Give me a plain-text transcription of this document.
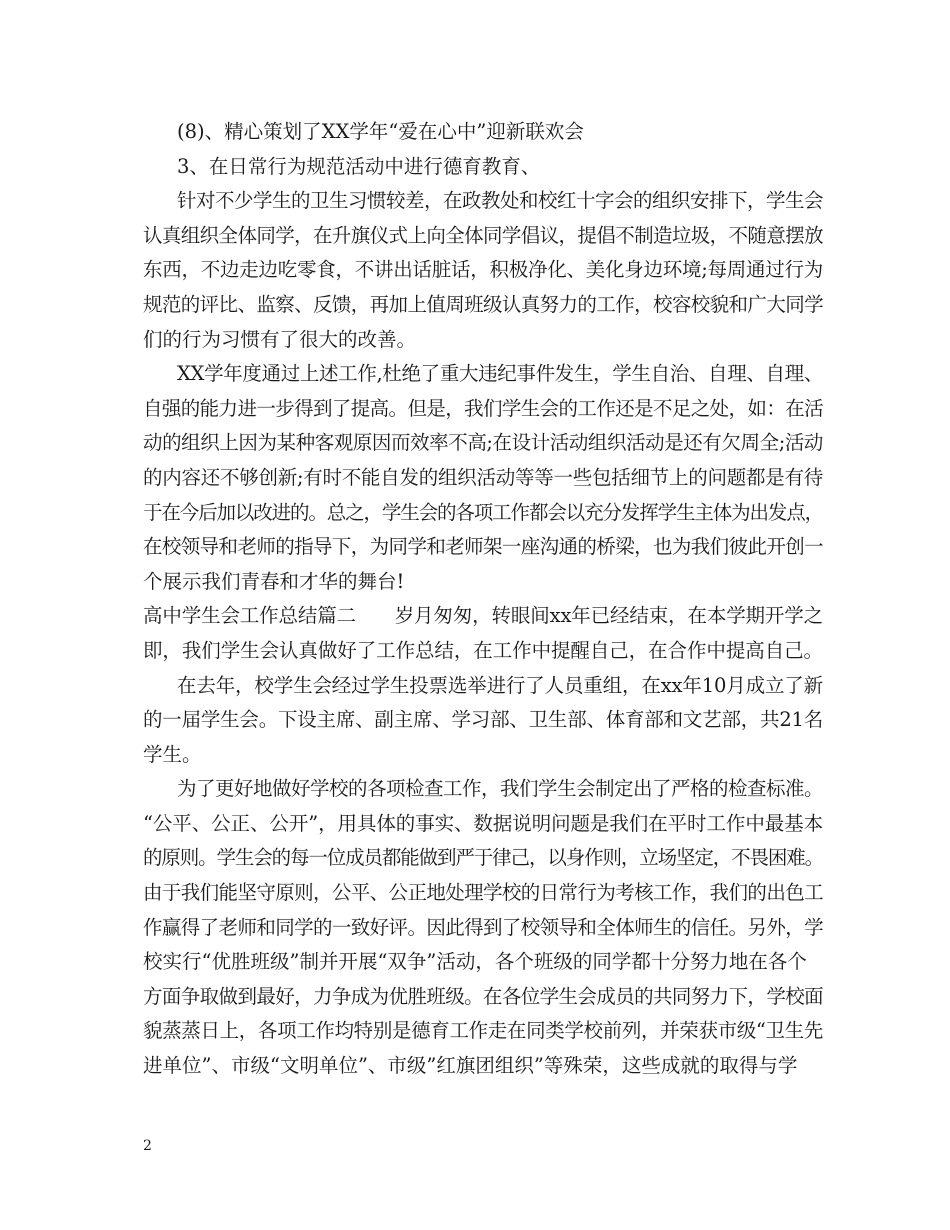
(8)、精心策划了XX学年“爱在心中”迎新联欢会
3、在日常行为规范活动中进行德育教育、
针对不少学生的卫生习惯较差，在政教处和校红十字会的组织安排下，学生会
认真组织全体同学，在升旗仪式上向全体同学倡议，提倡不制造垃圾，不随意摆放
东西，不边走边吃零食，不讲出话脏话，积极净化、美化身边环境;每周通过行为
规范的评比、监察、反馈，再加上值周班级认真努力的工作，校容校貌和广大同学
们的行为习惯有了很大的改善。
XX学年度通过上述工作,杜绝了重大违纪事件发生，学生自治、自理、自理、
自强的能力进一步得到了提高。但是，我们学生会的工作还是不足之处，如：在活
动的组织上因为某种客观原因而效率不高;在设计活动组织活动是还有欠周全;活动
的内容还不够创新;有时不能自发的组织活动等等一些包括细节上的问题都是有待
于在今后加以改进的。总之，学生会的各项工作都会以充分发挥学生主体为出发点，
在校领导和老师的指导下，为同学和老师架一座沟通的桥梁，也为我们彼此开创一
个展示我们青春和才华的舞台!
高中学生会工作总结篇二　　岁月匆匆，转眼间xx年已经结束，在本学期开学之
即，我们学生会认真做好了工作总结，在工作中提醒自己，在合作中提高自己。
在去年，校学生会经过学生投票选举进行了人员重组，在xx年10月成立了新
的一届学生会。下设主席、副主席、学习部、卫生部、体育部和文艺部，共21名
学生。
为了更好地做好学校的各项检查工作，我们学生会制定出了严格的检查标准。
“公平、公正、公开”，用具体的事实、数据说明问题是我们在平时工作中最基本
的原则。学生会的每一位成员都能做到严于律己，以身作则，立场坚定，不畏困难。
由于我们能坚守原则，公平、公正地处理学校的日常行为考核工作，我们的出色工
作赢得了老师和同学的一致好评。因此得到了校领导和全体师生的信任。另外，学
校实行“优胜班级”制并开展“双争”活动，各个班级的同学都十分努力地在各个
方面争取做到最好，力争成为优胜班级。在各位学生会成员的共同努力下，学校面
貌蒸蒸日上，各项工作均特别是德育工作走在同类学校前列，并荣获市级“卫生先
进单位”、市级“文明单位”、市级”红旗团组织”等殊荣，这些成就的取得与学
2
